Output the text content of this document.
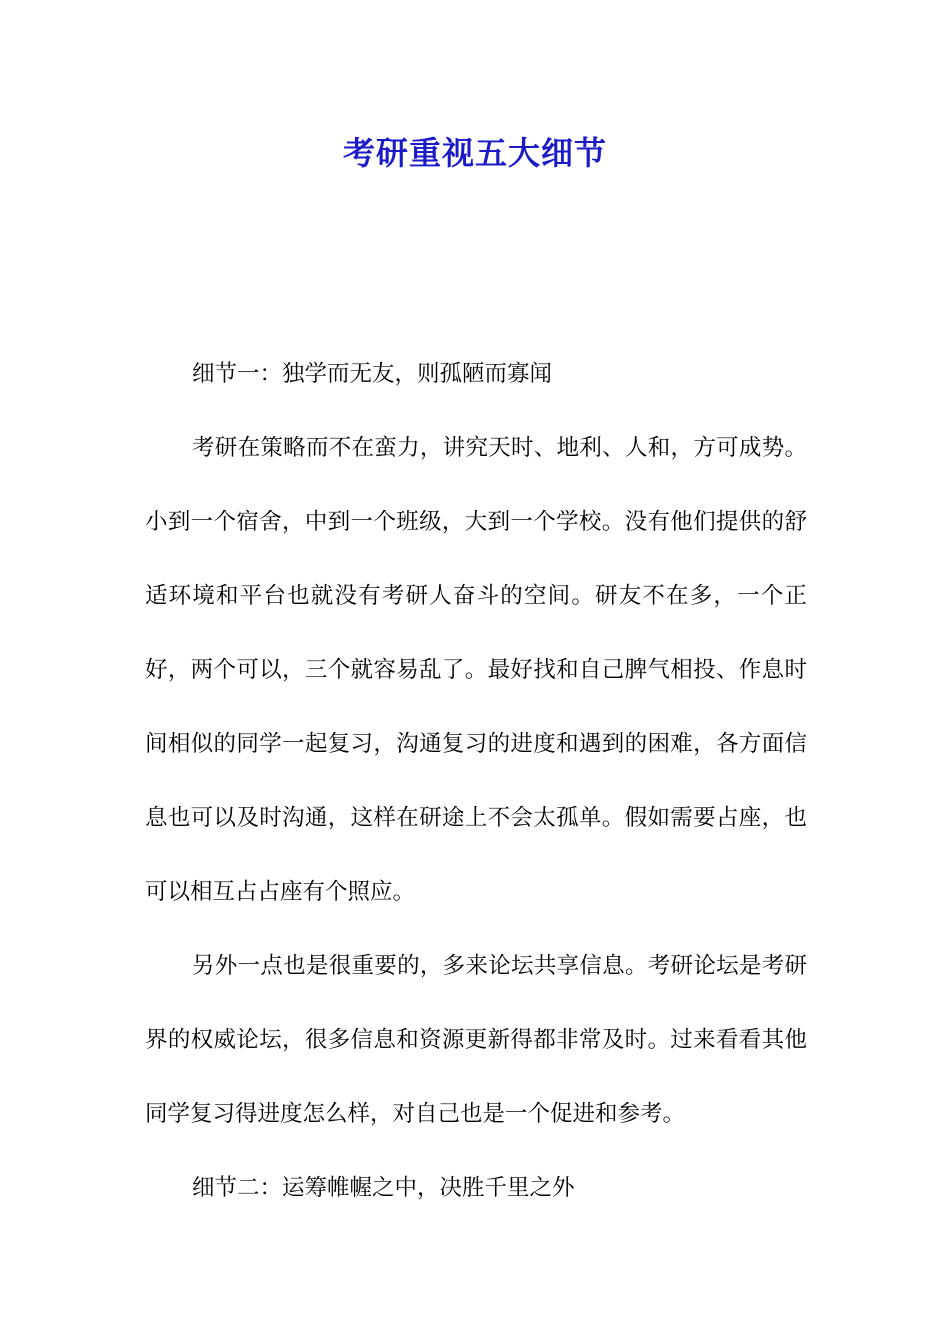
考研重视五大细节

细节一：独学而无友，则孤陋而寡闻

考研在策略而不在蛮力，讲究天时、地利、人和，方可成势。小到一个宿舍，中到一个班级，大到一个学校。没有他们提供的舒适环境和平台也就没有考研人奋斗的空间。研友不在多，一个正好，两个可以，三个就容易乱了。最好找和自己脾气相投、作息时间相似的同学一起复习，沟通复习的进度和遇到的困难，各方面信息也可以及时沟通，这样在研途上不会太孤单。假如需要占座，也可以相互占占座有个照应。

另外一点也是很重要的，多来论坛共享信息。考研论坛是考研界的权威论坛，很多信息和资源更新得都非常及时。过来看看其他同学复习得进度怎么样，对自己也是一个促进和参考。

细节二：运筹帷幄之中，决胜千里之外
